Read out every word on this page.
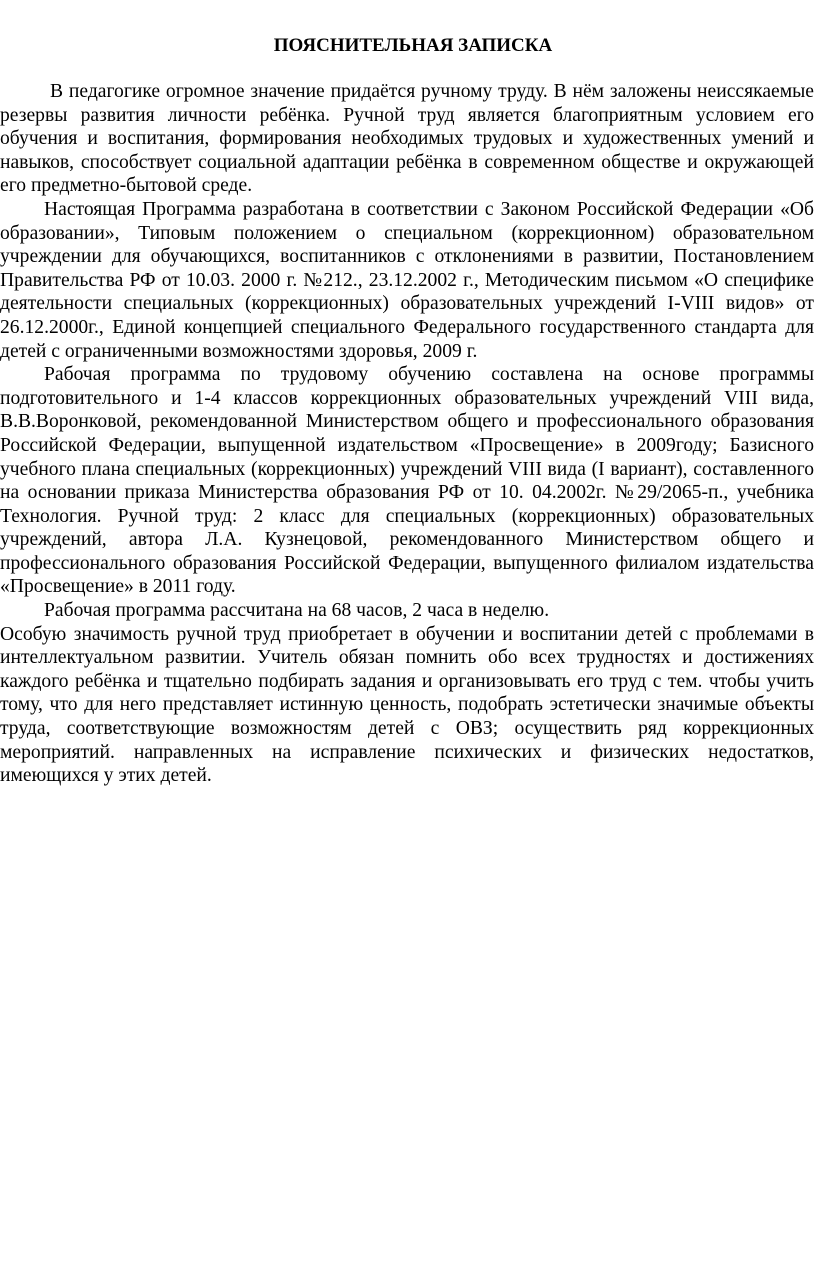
ПОЯСНИТЕЛЬНАЯ ЗАПИСКА

В педагогике огромное значение придаётся ручному труду. В нём заложены неиссякаемые резервы развития личности ребёнка. Ручной труд является благоприятным условием его обучения и воспитания, формирования необходимых трудовых и художественных умений и навыков, способствует социальной адаптации ребёнка в современном обществе и окружающей его предметно-бытовой среде.

Настоящая Программа разработана в соответствии с Законом Российской Федерации «Об образовании», Типовым положением о специальном (коррекционном) образовательном учреждении для обучающихся, воспитанников с отклонениями в развитии, Постановлением Правительства РФ от 10.03. 2000 г. №212., 23.12.2002 г., Методическим письмом «О специфике деятельности специальных (коррекционных) образовательных учреждений I-VIII видов» от 26.12.2000г., Единой концепцией специального Федерального государственного стандарта для детей с ограниченными возможностями здоровья, 2009 г.

Рабочая программа по трудовому обучению составлена на основе программы подготовительного и 1-4 классов коррекционных образовательных учреждений VIII вида, В.В.Воронковой, рекомендованной Министерством общего и профессионального образования Российской Федерации, выпущенной издательством «Просвещение» в 2009году; Базисного учебного плана специальных (коррекционных) учреждений VIII вида (I вариант), составленного на основании приказа Министерства образования РФ от 10. 04.2002г. №29/2065-п., учебника Технология. Ручной труд: 2 класс для специальных (коррекционных) образовательных учреждений, автора Л.А. Кузнецовой, рекомендованного Министерством общего и профессионального образования Российской Федерации, выпущенного филиалом издательства «Просвещение» в 2011 году.

Рабочая программа рассчитана на 68 часов, 2 часа в неделю.

Особую значимость ручной труд приобретает в обучении и воспитании детей с проблемами в интеллектуальном развитии. Учитель обязан помнить обо всех трудностях и достижениях каждого ребёнка и тщательно подбирать задания и организовывать его труд с тем. чтобы учить тому, что для него представляет истинную ценность, подобрать эстетически значимые объекты труда, соответствующие возможностям детей с ОВЗ; осуществить ряд коррекционных мероприятий. направленных на исправление психических и физических недостатков, имеющихся у этих детей.
